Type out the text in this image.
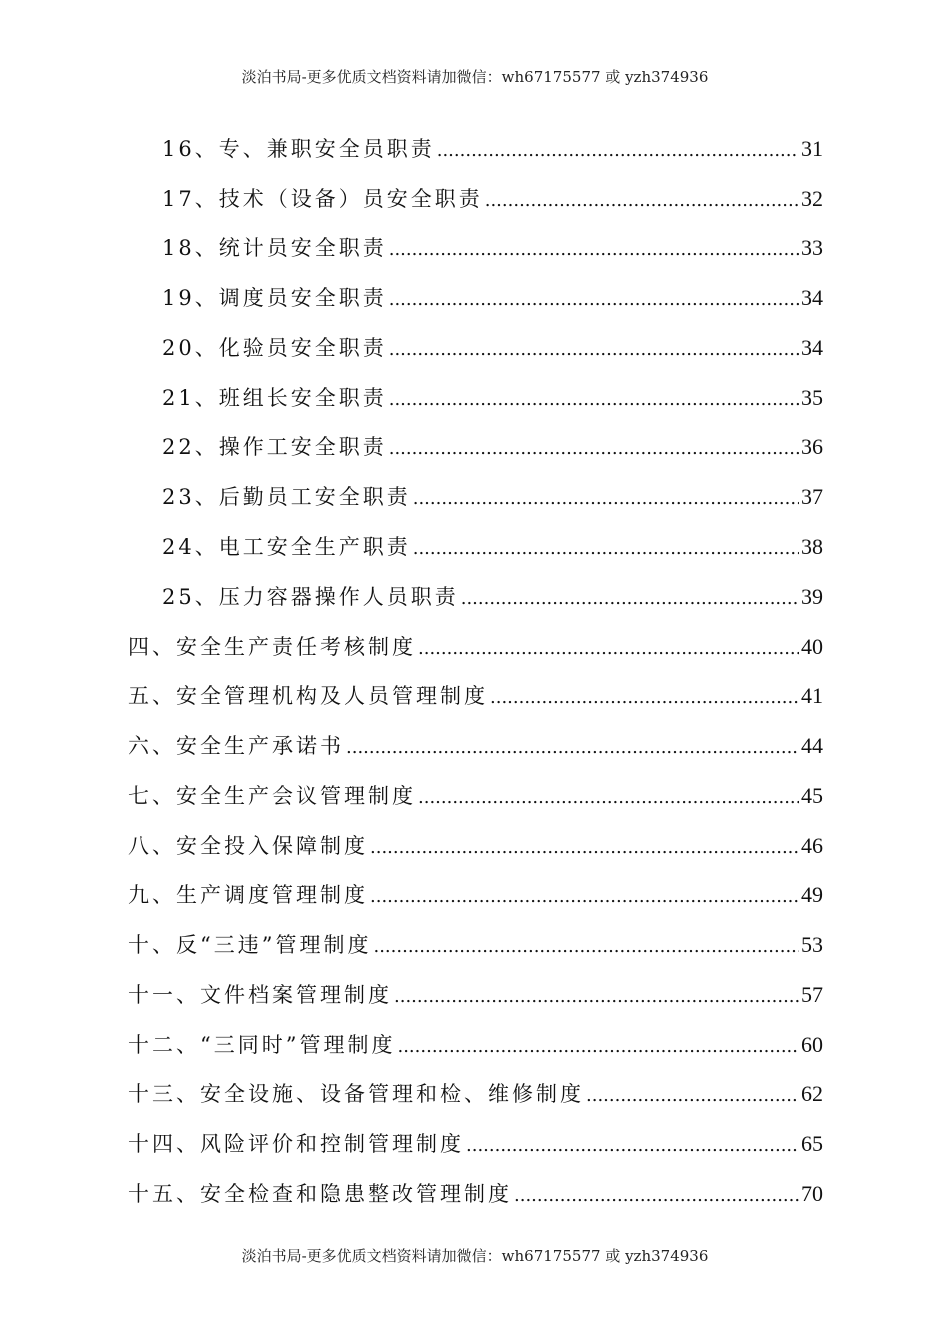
淡泊书局-更多优质文档资料请加微信：wh67175577 或 yzh374936
16、专、兼职安全员职责 .....	31
17、技术（设备）员安全职责 .....	32
18、统计员安全职责 .....	33
19、调度员安全职责 .....	34
20、化验员安全职责 .....	34
21、班组长安全职责 .....	35
22、操作工安全职责 .....	36
23、后勤员工安全职责 .....	37
24、电工安全生产职责 .....	38
25、压力容器操作人员职责 .....	39
四、安全生产责任考核制度 .....	40
五、安全管理机构及人员管理制度 .....	41
六、安全生产承诺书 .....	44
七、安全生产会议管理制度 .....	45
八、安全投入保障制度 .....	46
九、生产调度管理制度 .....	49
十、反“三违”管理制度 .....	53
十一、文件档案管理制度 .....	57
十二、“三同时”管理制度 .....	60
十三、安全设施、设备管理和检、维修制度 .....	62
十四、风险评价和控制管理制度 .....	65
十五、安全检查和隐患整改管理制度 .....	70
淡泊书局-更多优质文档资料请加微信：wh67175577 或 yzh374936
